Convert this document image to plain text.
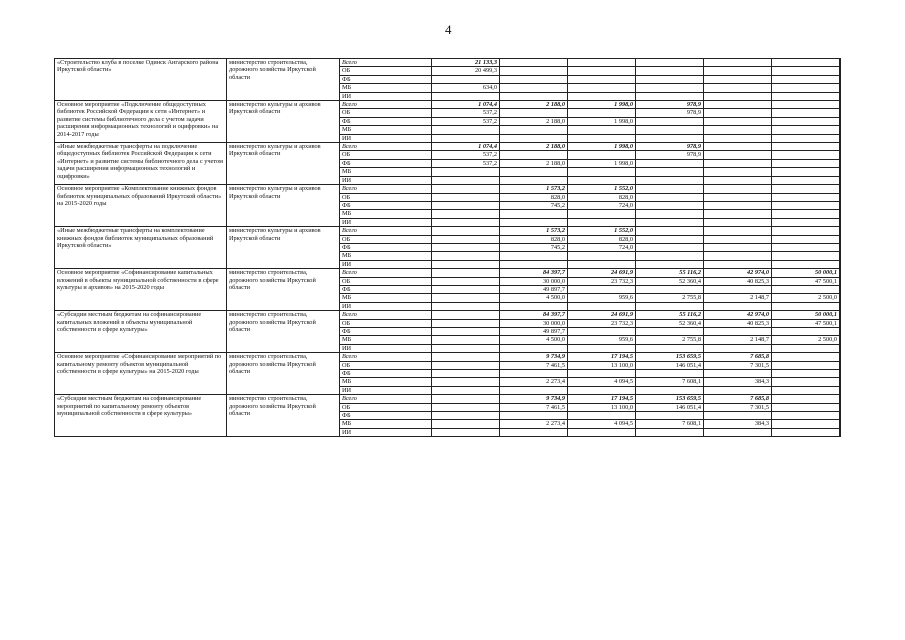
4
«Строительство клуба в поселке Одинск Ангарского района Иркутской области»	министерство строительства, дорожного хозяйства Иркутской области	Всего	21 133,3						
		ОБ	20 499,3						
		ФБ							
		МБ	634,0						
		ИИ							
Основное мероприятие «Подключение общедоступных библиотек Российской Федерации к сети «Интернет» и развитие системы библиотечного дела с учетом задачи расширения информационных технологий и оцифровки» на 2014-2017 годы	министерство культуры и архивов Иркутской области	Всего	1 074,4	2 188,0	1 998,0	978,9			
		ОБ	537,2			978,9			
		ФБ	537,2	2 188,0	1 998,0				
		МБ							
		ИИ							
«Иные межбюджетные трансферты на подключение общедоступных библиотек Российской Федерации к сети «Интернет» и развитие системы библиотечного дела с учетом задачи расширения информационных технологий и оцифровки»	министерство культуры и архивов Иркутской области	Всего	1 074,4	2 188,0	1 998,0	978,9			
		ОБ	537,2			978,9			
		ФБ	537,2	2 188,0	1 998,0				
		МБ							
		ИИ							
Основное мероприятие «Комплектование книжных фондов библиотек муниципальных образований Иркутской области» на 2015-2020 годы	министерство культуры и архивов Иркутской области	Всего		1 573,2	1 552,0				
		ОБ		828,0	828,0				
		ФБ		745,2	724,0				
		МБ							
		ИИ							
«Иные межбюджетные трансферты на комплектование книжных фондов библиотек муниципальных образований Иркутской области»	министерство культуры и архивов Иркутской области	Всего		1 573,2	1 552,0				
		ОБ		828,0	828,0				
		ФБ		745,2	724,0				
		МБ							
		ИИ							
Основное мероприятие «Софинансирование капитальных вложений в объекты муниципальной собственности в сфере культуры и архивов» на 2015-2020 годы	министерство строительства, дорожного хозяйства Иркутской области	Всего		84 397,7	24 691,9	55 116,2	42 974,0	50 000,1	
		ОБ		30 000,0	23 732,3	52 360,4	40 825,3	47 500,1	
		ФБ		49 897,7					
		МБ		4 500,0	959,6	2 755,8	2 148,7	2 500,0	
		ИИ							
«Субсидии местным бюджетам на софинансирование капитальных вложений в объекты муниципальной собственности в сфере культуры»	министерство строительства, дорожного хозяйства Иркутской области	Всего		84 397,7	24 691,9	55 116,2	42 974,0	50 000,1	
		ОБ		30 000,0	23 732,3	52 360,4	40 825,3	47 500,1	
		ФБ		49 897,7					
		МБ		4 500,0	959,6	2 755,8	2 148,7	2 500,0	
		ИИ							
Основное мероприятие «Софинансирование мероприятий по капитальному ремонту объектов муниципальной собственности в сфере культуры» на 2015-2020 годы	министерство строительства, дорожного хозяйства Иркутской области	Всего		9 734,9	17 194,5	153 659,5	7 685,8		
		ОБ		7 461,5	13 100,0	146 051,4	7 301,5		
		ФБ							
		МБ		2 273,4	4 094,5	7 608,1	384,3		
		ИИ							
«Субсидии местным бюджетам на софинансирование мероприятий по капитальному ремонту объектов муниципальной собственности в сфере культуры»	министерство строительства, дорожного хозяйства Иркутской области	Всего		9 734,9	17 194,5	153 659,5	7 685,8		
		ОБ		7 461,5	13 100,0	146 051,4	7 301,5		
		ФБ							
		МБ		2 273,4	4 094,5	7 608,1	384,3		
		ИИ							
